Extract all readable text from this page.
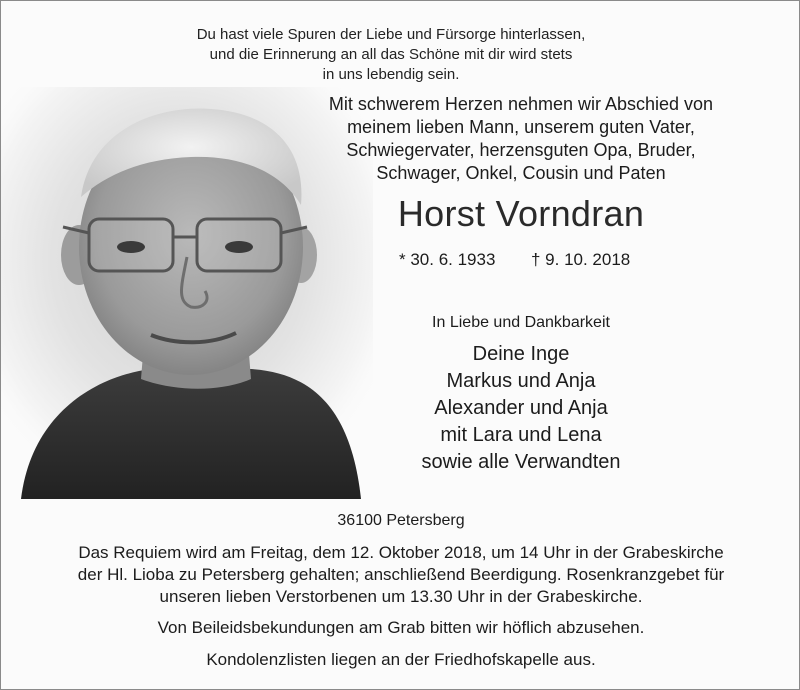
Du hast viele Spuren der Liebe und Fürsorge hinterlassen,
und die Erinnerung an all das Schöne mit dir wird stets
in uns lebendig sein.
Mit schwerem Herzen nehmen wir Abschied von
meinem lieben Mann, unserem guten Vater,
Schwiegervater, herzensguten Opa, Bruder,
Schwager, Onkel, Cousin und Paten
Horst Vorndran
* 30. 6. 1933 † 9. 10. 2018
In Liebe und Dankbarkeit
Deine Inge
Markus und Anja
Alexander und Anja
mit Lara und Lena
sowie alle Verwandten
36100 Petersberg
Das Requiem wird am Freitag, dem 12. Oktober 2018, um 14 Uhr in der Grabeskirche
der Hl. Lioba zu Petersberg gehalten; anschließend Beerdigung. Rosenkranzgebet für
unseren lieben Verstorbenen um 13.30 Uhr in der Grabeskirche.
Von Beileidsbekundungen am Grab bitten wir höflich abzusehen.
Kondolenzlisten liegen an der Friedhofskapelle aus.
